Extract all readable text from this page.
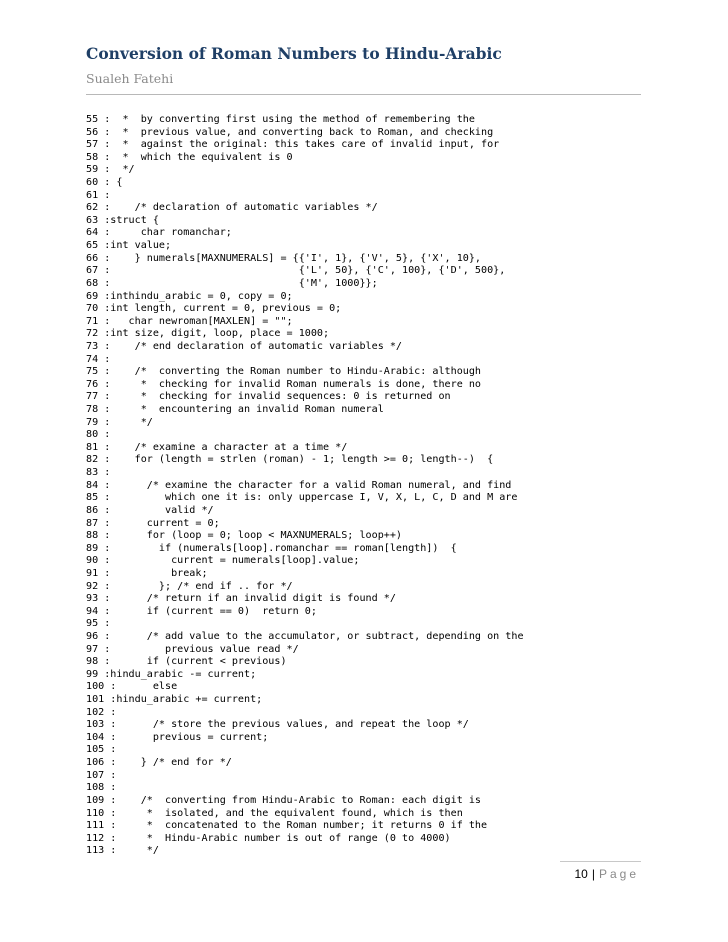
Conversion of Roman Numbers to Hindu-Arabic
Sualeh Fatehi
55 :  *  by converting first using the method of remembering the
56 :  *  previous value, and converting back to Roman, and checking
57 :  *  against the original: this takes care of invalid input, for
58 :  *  which the equivalent is 0
59 :  */
60 : {
61 :
62 :    /* declaration of automatic variables */
63 :struct {
64 :     char romanchar;
65 :int value;
66 :    } numerals[MAXNUMERALS] = {{'I', 1}, {'V', 5}, {'X', 10},
67 :                               {'L', 50}, {'C', 100}, {'D', 500},
68 :                               {'M', 1000}};
69 :inthindu_arabic = 0, copy = 0;
70 :int length, current = 0, previous = 0;
71 :   char newroman[MAXLEN] = "";
72 :int size, digit, loop, place = 1000;
73 :    /* end declaration of automatic variables */
74 :
75 :    /*  converting the Roman number to Hindu-Arabic: although
76 :     *  checking for invalid Roman numerals is done, there no
77 :     *  checking for invalid sequences: 0 is returned on
78 :     *  encountering an invalid Roman numeral
79 :     */
80 :
81 :    /* examine a character at a time */
82 :    for (length = strlen (roman) - 1; length >= 0; length--)  {
83 :
84 :      /* examine the character for a valid Roman numeral, and find
85 :         which one it is: only uppercase I, V, X, L, C, D and M are
86 :         valid */
87 :      current = 0;
88 :      for (loop = 0; loop < MAXNUMERALS; loop++)
89 :        if (numerals[loop].romanchar == roman[length])  {
90 :          current = numerals[loop].value;
91 :          break;
92 :        }; /* end if .. for */
93 :      /* return if an invalid digit is found */
94 :      if (current == 0)  return 0;
95 :
96 :      /* add value to the accumulator, or subtract, depending on the
97 :         previous value read */
98 :      if (current < previous)
99 :hindu_arabic -= current;
100 :      else
101 :hindu_arabic += current;
102 :
103 :      /* store the previous values, and repeat the loop */
104 :      previous = current;
105 :
106 :    } /* end for */
107 :
108 :
109 :    /*  converting from Hindu-Arabic to Roman: each digit is
110 :     *  isolated, and the equivalent found, which is then
111 :     *  concatenated to the Roman number; it returns 0 if the
112 :     *  Hindu-Arabic number is out of range (0 to 4000)
113 :     */
10 | Page
